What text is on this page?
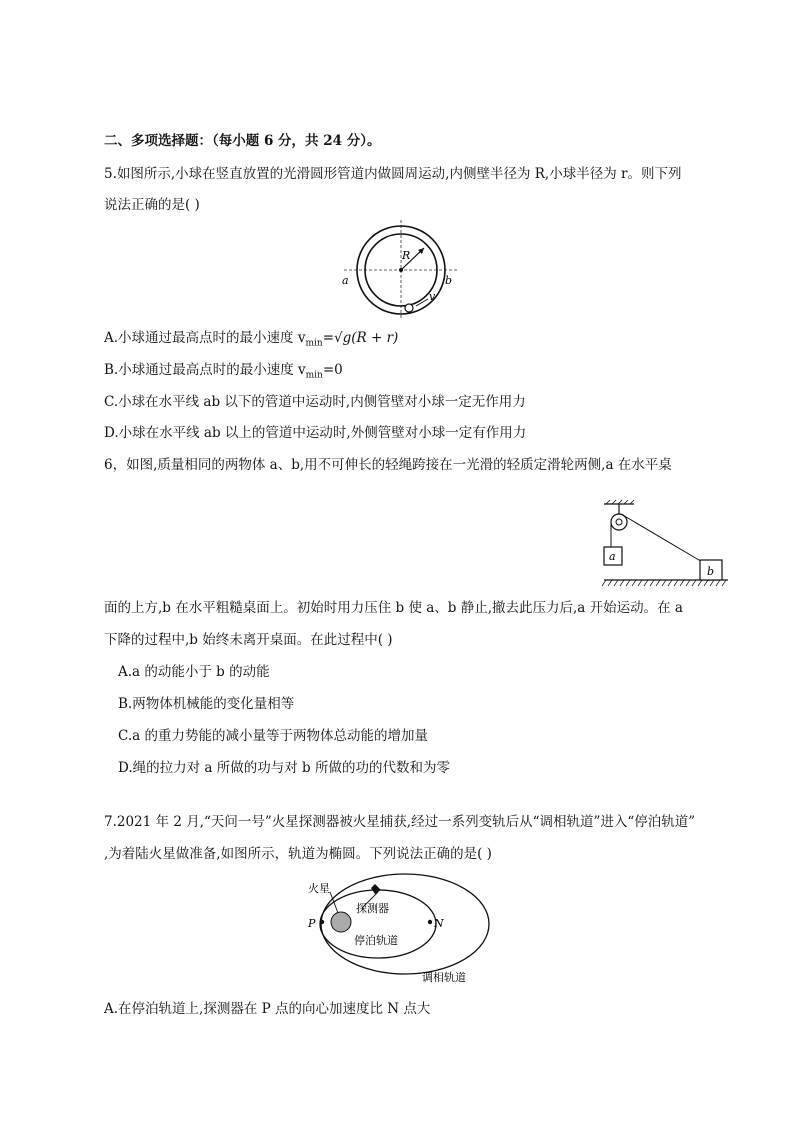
二、多项选择题：（每小题 6 分，共 24 分）。
5.如图所示,小球在竖直放置的光滑圆形管道内做圆周运动,内侧壁半径为 R,小球半径为 r。则下列
说法正确的是( )
R
a	b
v
A.小球通过最高点时的最小速度 $v_{min}=√g(R + r)$
B.小球通过最高点时的最小速度 $v_{min}=0$
C.小球在水平线 ab 以下的管道中运动时,内侧管壁对小球一定无作用力
D.小球在水平线 ab 以上的管道中运动时,外侧管壁对小球一定有作用力
6，如图,质量相同的两物体 a、b,用不可伸长的轻绳跨接在一光滑的轻质定滑轮两侧,a 在水平桌
a
b
面的上方,b 在水平粗糙桌面上。初始时用力压住 b 使 a、b 静止,撤去此压力后,a 开始运动。在 a
下降的过程中,b 始终未离开桌面。在此过程中( )
A.a 的动能小于 b 的动能
B.两物体机械能的变化量相等
C.a 的重力势能的减小量等于两物体总动能的增加量
D.绳的拉力对 a 所做的功与对 b 所做的功的代数和为零
7.2021 年 2 月,“天问一号”火星探测器被火星捕获,经过一系列变轨后从“调相轨道”进入“停泊轨道”
,为着陆火星做准备,如图所示，轨道为椭圆。下列说法正确的是( )
火星
P	N
探测器
停泊轨道
调相轨道
A.在停泊轨道上,探测器在 P 点的向心加速度比 N 点大
